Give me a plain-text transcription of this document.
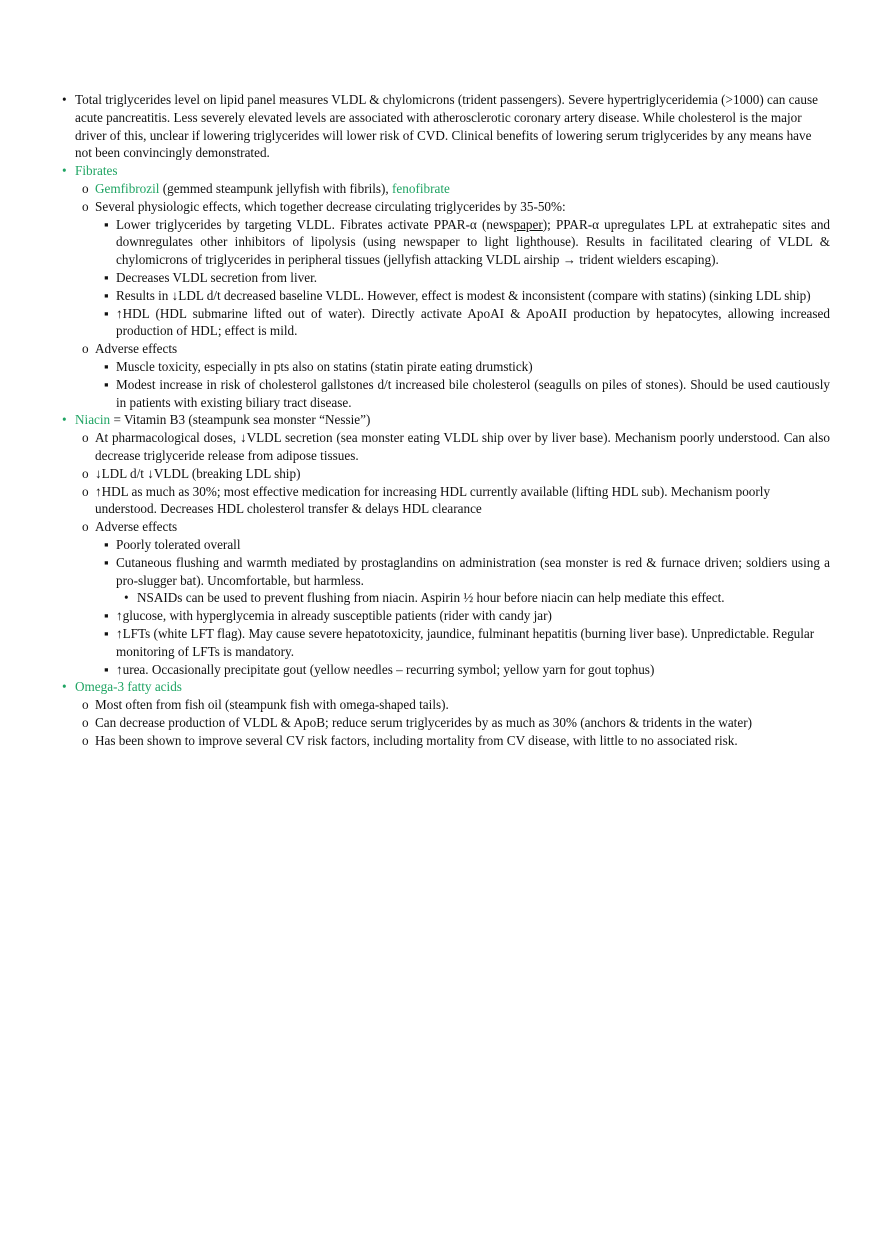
• Total triglycerides level on lipid panel measures VLDL & chylomicrons (trident passengers). Severe hypertriglyceridemia (>1000) can cause acute pancreatitis. Less severely elevated levels are associated with atherosclerotic coronary artery disease. While cholesterol is the major driver of this, unclear if lowering triglycerides will lower risk of CVD. Clinical benefits of lowering serum triglycerides by any means have not been convincingly demonstrated.
• Fibrates
o Gemfibrozil (gemmed steampunk jellyfish with fibrils), fenofibrate
o Several physiologic effects, which together decrease circulating triglycerides by 35-50%:
▪ Lower triglycerides by targeting VLDL. Fibrates activate PPAR-α (newspaper); PPAR-α upregulates LPL at extrahepatic sites and downregulates other inhibitors of lipolysis (using newspaper to light lighthouse). Results in facilitated clearing of VLDL & chylomicrons of triglycerides in peripheral tissues (jellyfish attacking VLDL airship → trident wielders escaping).
▪ Decreases VLDL secretion from liver.
▪ Results in ↓LDL d/t decreased baseline VLDL. However, effect is modest & inconsistent (compare with statins) (sinking LDL ship)
▪ ↑HDL (HDL submarine lifted out of water). Directly activate ApoAI & ApoAII production by hepatocytes, allowing increased production of HDL; effect is mild.
o Adverse effects
▪ Muscle toxicity, especially in pts also on statins (statin pirate eating drumstick)
▪ Modest increase in risk of cholesterol gallstones d/t increased bile cholesterol (seagulls on piles of stones). Should be used cautiously in patients with existing biliary tract disease.
• Niacin = Vitamin B3 (steampunk sea monster “Nessie”)
o At pharmacological doses, ↓VLDL secretion (sea monster eating VLDL ship over by liver base). Mechanism poorly understood. Can also decrease triglyceride release from adipose tissues.
o ↓LDL d/t ↓VLDL (breaking LDL ship)
o ↑HDL as much as 30%; most effective medication for increasing HDL currently available (lifting HDL sub). Mechanism poorly understood. Decreases HDL cholesterol transfer & delays HDL clearance
o Adverse effects
▪ Poorly tolerated overall
▪ Cutaneous flushing and warmth mediated by prostaglandins on administration (sea monster is red & furnace driven; soldiers using a pro-slugger bat). Uncomfortable, but harmless.
• NSAIDs can be used to prevent flushing from niacin. Aspirin ½ hour before niacin can help mediate this effect.
▪ ↑glucose, with hyperglycemia in already susceptible patients (rider with candy jar)
▪ ↑LFTs (white LFT flag). May cause severe hepatotoxicity, jaundice, fulminant hepatitis (burning liver base). Unpredictable. Regular monitoring of LFTs is mandatory.
▪ ↑urea. Occasionally precipitate gout (yellow needles – recurring symbol; yellow yarn for gout tophus)
• Omega-3 fatty acids
o Most often from fish oil (steampunk fish with omega-shaped tails).
o Can decrease production of VLDL & ApoB; reduce serum triglycerides by as much as 30% (anchors & tridents in the water)
o Has been shown to improve several CV risk factors, including mortality from CV disease, with little to no associated risk.
